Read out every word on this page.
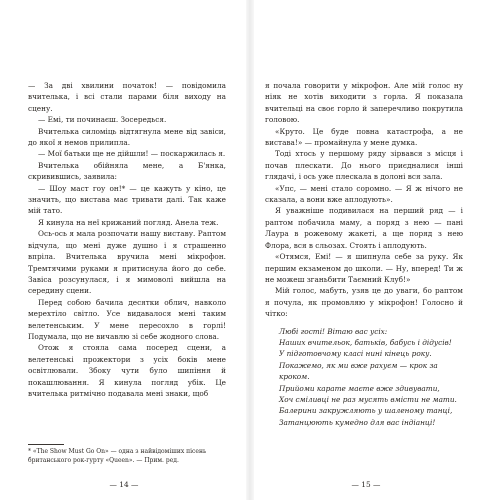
— За дві хвилини початок! — повідомила вчителька, і всі стали парами біля виходу на сцену.

— Емі, ти починаєш. Зосередься.

Вчителька силоміць відтягнула мене від завіси, до якої я немов прилипла.

— Мої батьки ще не дійшли! — поскаржилась я.

Вчителька обійняла мене, а Б'янка, скривившись, заявила:

— Шоу маст гоу он!* — це кажуть у кіно, це значить, що вистава має тривати далі. Так каже мій тато.

Я кинула на неї крижаний погляд. Анела теж.

Ось-ось я мала розпочати нашу виставу. Раптом відчула, що мені дуже душно і я страшенно впріла. Вчителька вручила мені мікрофон. Тремтячими руками я притиснула його до себе. Завіса розсунулася, і я мимоволі вийшла на середину сцени.

Перед собою бачила десятки облич, навколо мерехтіло світло. Усе видавалося мені таким велетенським. У мене пересохло в горлі! Подумала, що не вичавлю зі себе жодного слова.

Отож я стояла сама посеред сцени, а велетенські прожектори з усіх боків мене освітлювали. Збоку чути було шипіння й покашлювання. Я кинула погляд убік. Це вчителька ритмічно подавала мені знаки, щоб

* «The Show Must Go On» — одна з найвідоміших пісень британського рок-гурту «Queen». — Прим. ред.
— 14 —

я почала говорити у мікрофон. Але мій голос ну ніяк не хотів виходити з горла. Я показала вчительці на своє горло й заперечливо покрутила головою.

«Круто. Це буде повна катастрофа, а не вистава!» — промайнула у мене думка.

Тоді хтось у першому ряду зірвався з місця і почав плескати. До нього приєдналися інші глядачі, і ось уже плескала в долоні вся зала.

«Упс, — мені стало соромно. — Я ж нічого не сказала, а вони вже аплодують».

Я уважніше подивилася на перший ряд — і раптом побачила маму, а поряд з нею — пані Лаура в рожевому жакеті, а ще поряд з нею Флора, вся в сльозах. Стоять і аплодують.

«Отямся, Емі! — я шипнула себе за руку. Як першим екзаменом до школи. — Ну, вперед! Ти ж не можеш зганьбити Таємний Клуб!»

Мій голос, мабуть, узяв це до уваги, бо раптом я почула, як промовляю у мікрофон! Голосно й чітко:

Любі гості! Вітаю вас усіх:
Наших вчительок, батьків, бабусь і дідусів!
У підготовчому класі нині кінець року.
Покажемо, як ми вже рахуєм — крок за кроком.
Прийоми карате маєте вже здивувати,
Хоч сміливці не раз мусять вмісти не мати.
Балерини закружляють у шаленому танці,
Затанцюють кумедно для вас індіанці!
— 15 —
